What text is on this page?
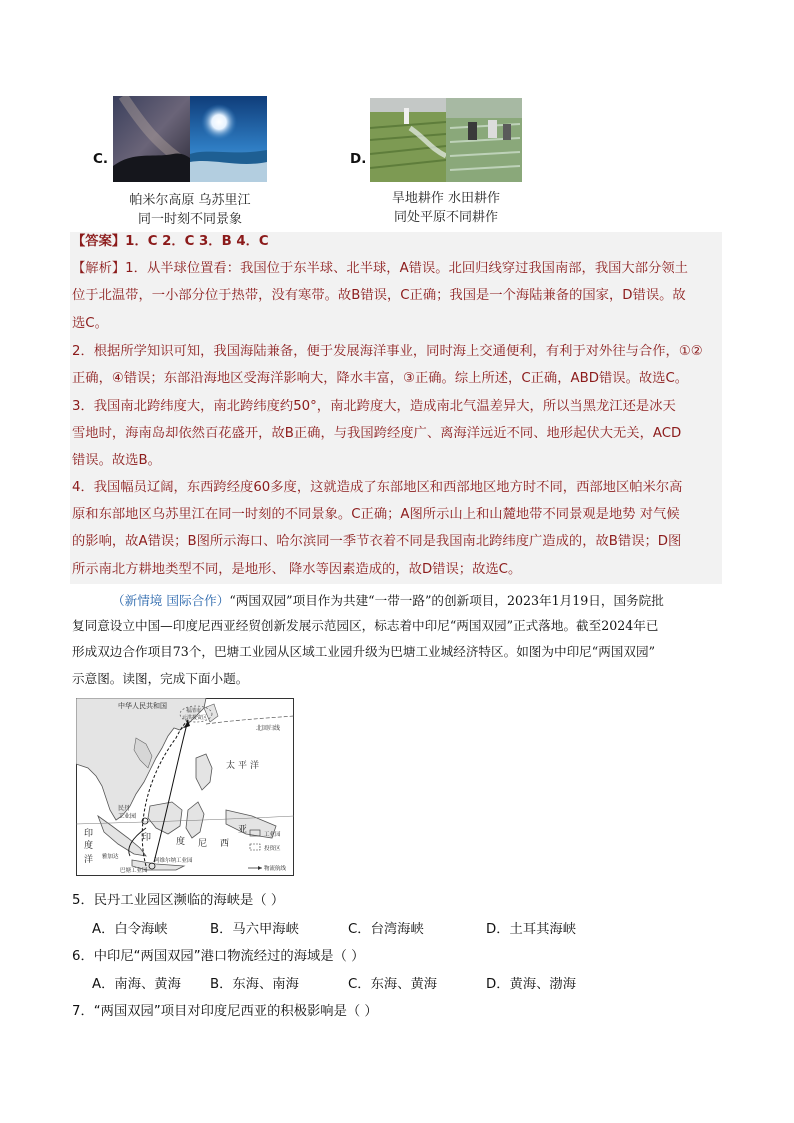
C.
帕米尔高原 乌苏里江
同一时刻不同景象
D.
旱地耕作 水田耕作
同处平原不同耕作
【答案】1．C 2．C 3．B 4．C
【解析】1．从半球位置看：我国位于东半球、北半球，A错误。北回归线穿过我国南部，我国大部分领土
位于北温带，一小部分位于热带，没有寒带。故B错误，C正确；我国是一个海陆兼备的国家，D错误。故
选C。
2．根据所学知识可知，我国海陆兼备，便于发展海洋事业，同时海上交通便利，有利于对外往与合作，①②
正确，④错误；东部沿海地区受海洋影响大，降水丰富，③正确。综上所述，C正确，ABD错误。故选C。
3．我国南北跨纬度大，南北跨纬度约50°，南北跨度大，造成南北气温差异大，所以当黑龙江还是冰天
雪地时，海南岛却依然百花盛开，故B正确，与我国跨经度广、离海洋远近不同、地形起伏大无关，ACD
错误。故选B。
4．我国幅员辽阔，东西跨经度60多度，这就造成了东部地区和西部地区地方时不同，西部地区帕米尔高
原和东部地区乌苏里江在同一时刻的不同景象。C正确；A图所示山上和山麓地带不同景观是地势 对气候
的影响，故A错误；B图所示海口、哈尔滨同一季节衣着不同是我国南北跨纬度广造成的，故B错误；D图
所示南北方耕地类型不同，是地形、 降水等因素造成的，故D错误；故选C。
（新情境 国际合作）“两国双园”项目作为共建“一带一路”的创新项目，2023年1月19日，国务院批
复同意设立中国—印度尼西亚经贸创新发展示范园区，标志着中印尼“两国双园”正式落地。截至2024年已
形成双边合作项目73个，巴塘工业园从区域工业园升级为巴塘工业城经济特区。如图为中印尼“两国双园”
示意图。读图，完成下面小题。
中华人民共和国
福清市
元洪投资区
北回归线
太平洋
印
度
洋
民丹
工业园
印	度 尼 西
亚
雅加达
阿维尔纳工业园
巴塘工业园
工业园
投资区
物流航线
5．民丹工业园区濒临的海峡是（ ）
A．白令海峡	B．马六甲海峡	C．台湾海峡	D．土耳其海峡
6．中印尼“两国双园”港口物流经过的海域是（ ）
A．南海、黄海 B．东海、南海	C．东海、黄海	D．黄海、渤海
7．“两国双园”项目对印度尼西亚的积极影响是（ ）
